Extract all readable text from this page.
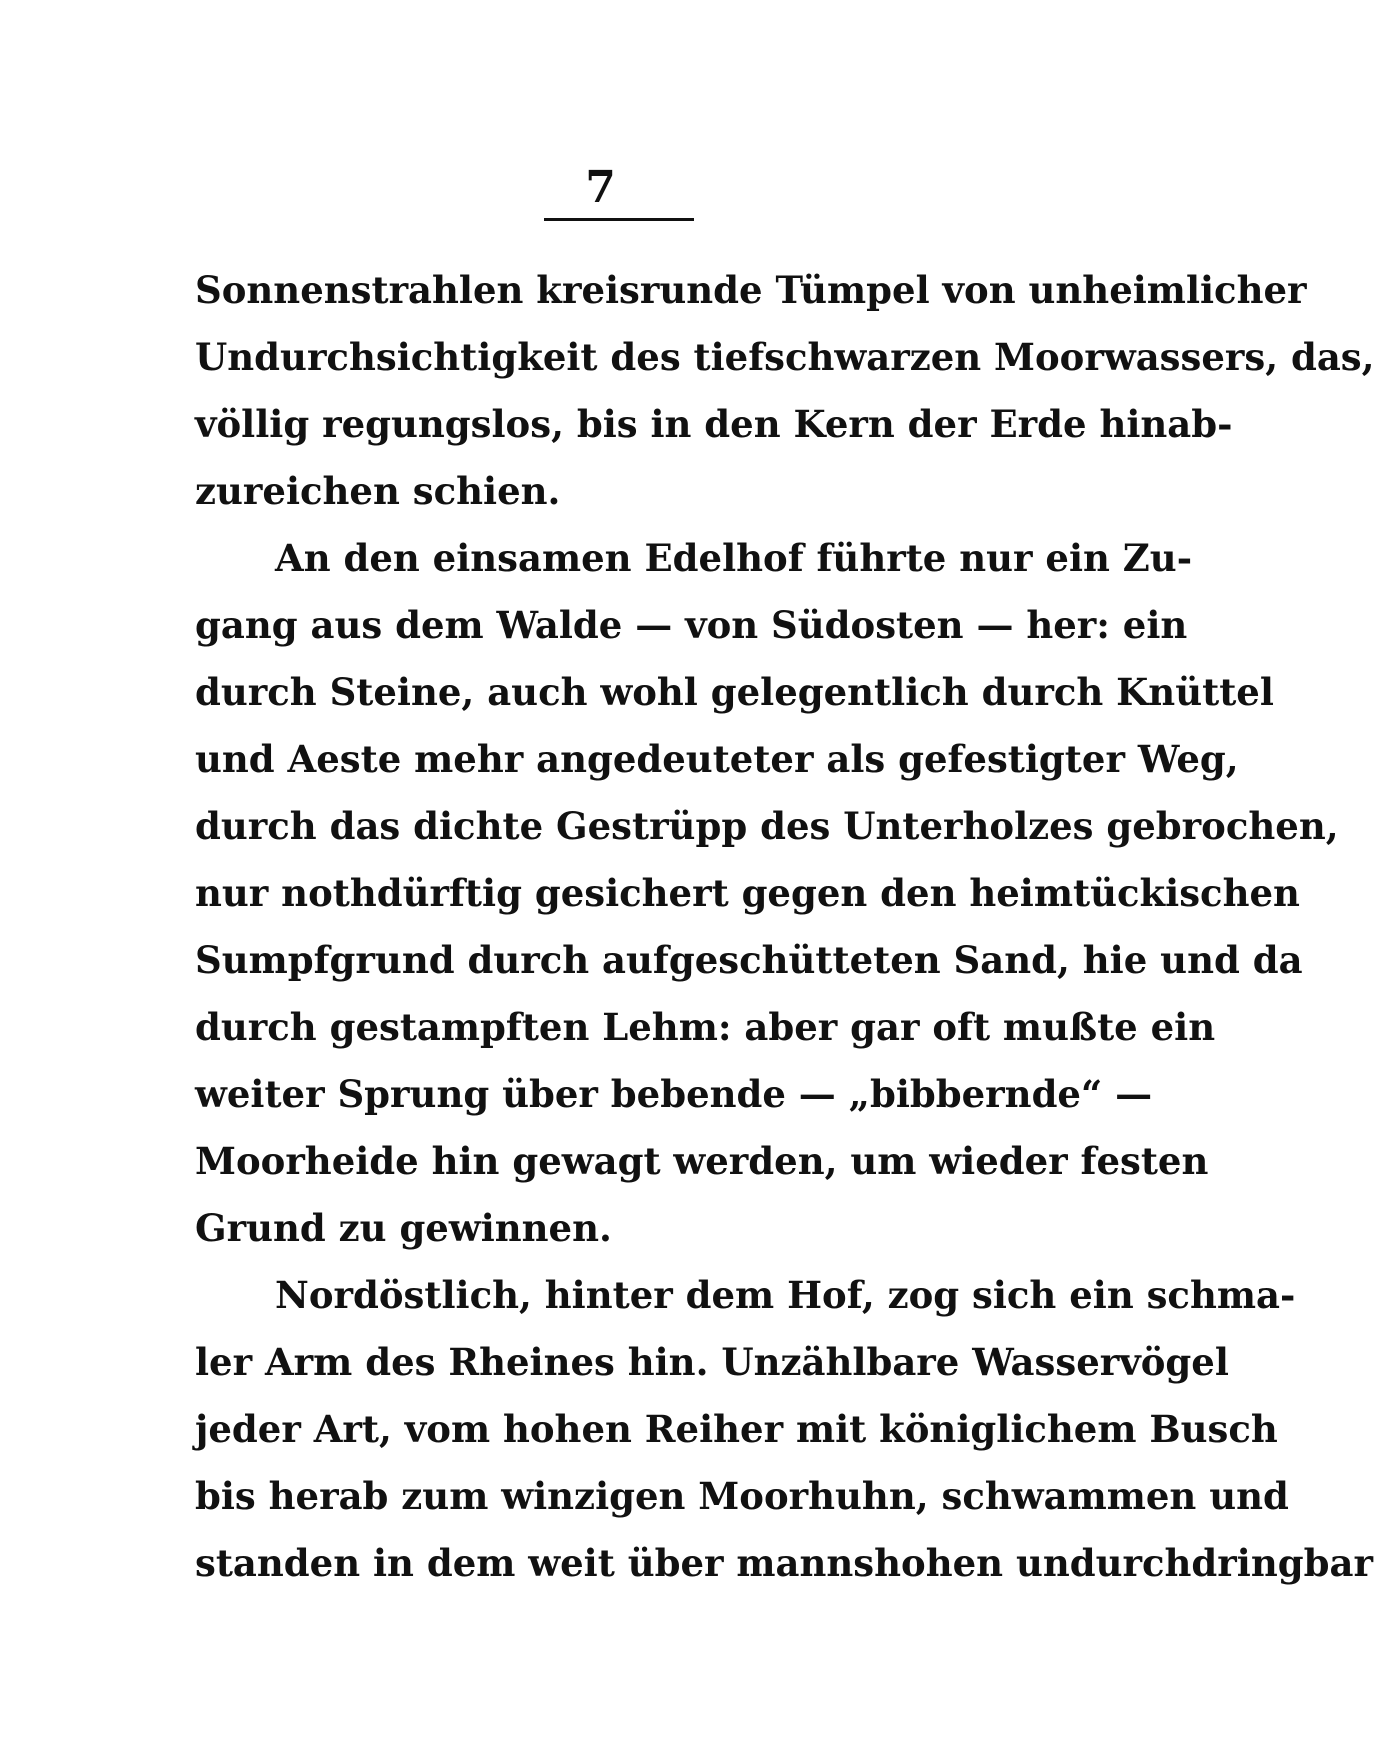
7
Sonnenstrahlen kreisrunde Tümpel von unheimlicher
Undurchsichtigkeit des tiefschwarzen Moorwassers, das,
völlig regungslos, bis in den Kern der Erde hinab-
zureichen schien.
An den einsamen Edelhof führte nur ein Zu-
gang aus dem Walde — von Südosten — her: ein
durch Steine, auch wohl gelegentlich durch Knüttel
und Aeste mehr angedeuteter als gefestigter Weg,
durch das dichte Gestrüpp des Unterholzes gebrochen,
nur nothdürftig gesichert gegen den heimtückischen
Sumpfgrund durch aufgeschütteten Sand, hie und da
durch gestampften Lehm: aber gar oft mußte ein
weiter Sprung über bebende — „bibbernde“ —
Moorheide hin gewagt werden, um wieder festen
Grund zu gewinnen.
Nordöstlich, hinter dem Hof, zog sich ein schma-
ler Arm des Rheines hin. Unzählbare Wasservögel
jeder Art, vom hohen Reiher mit königlichem Busch
bis herab zum winzigen Moorhuhn, schwammen und
standen in dem weit über mannshohen undurchdringbar
